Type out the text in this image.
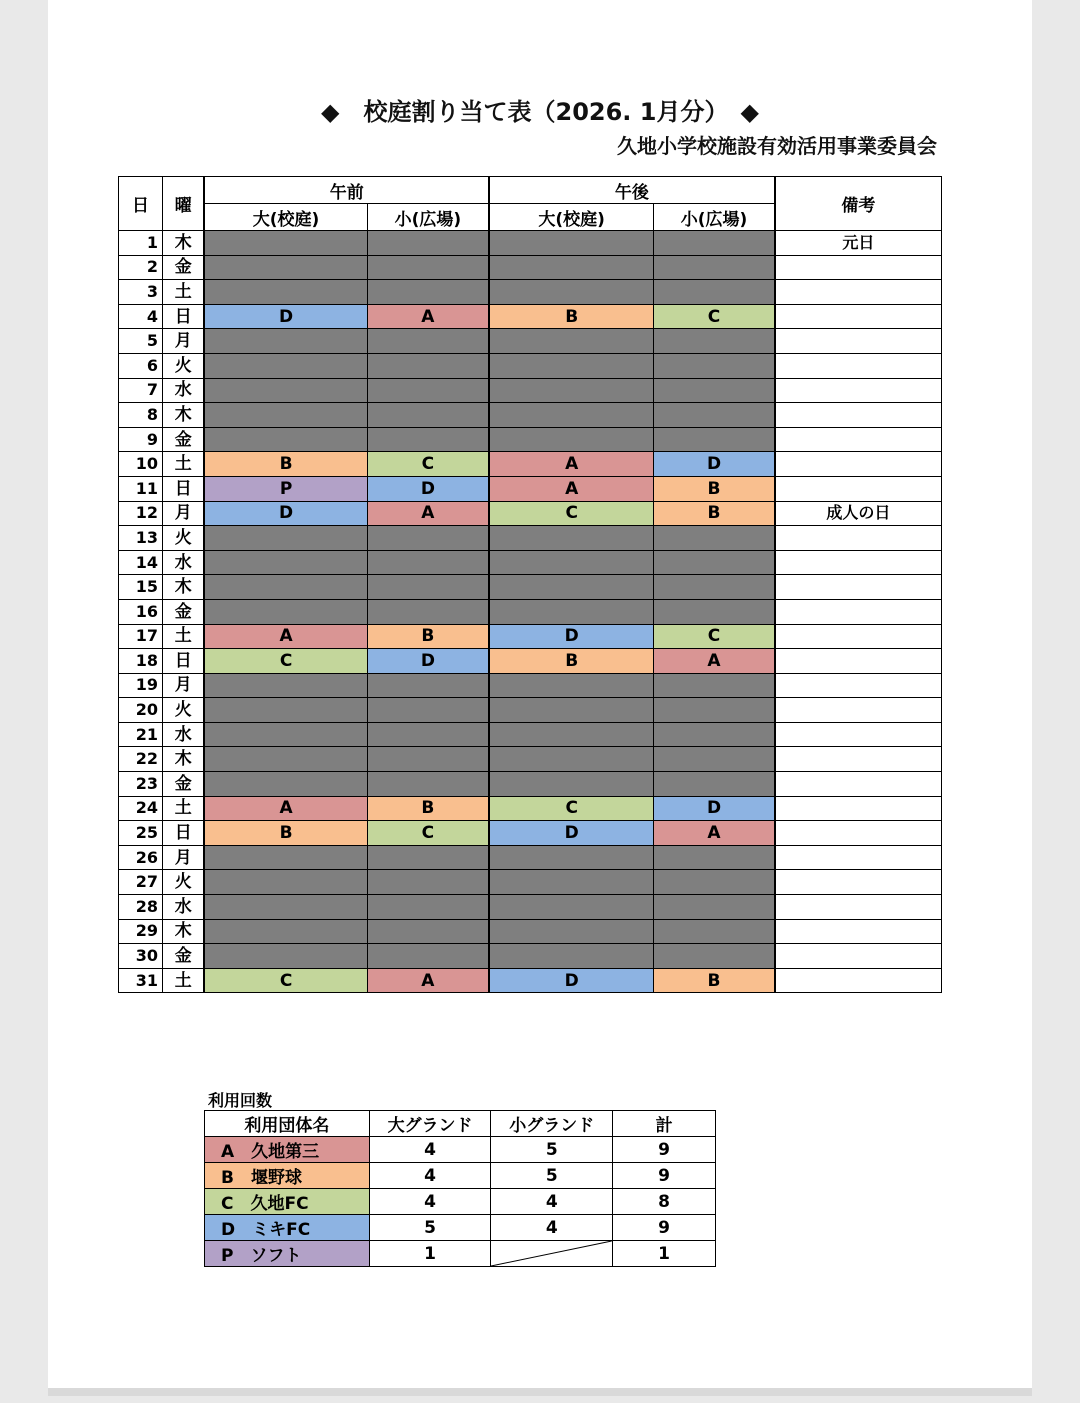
◆　校庭割り当て表（2026. 1月分）　◆
久地小学校施設有効活用事業委員会
日	曜	午前		午後		備考
		大(校庭)	小(広場)	大(校庭)	小(広場)	
1	木					元日
2	金					
3	土					
4	日	D	A	B	C	
5	月					
6	火					
7	水					
8	木					
9	金					
10	土	B	C	A	D	
11	日	P	D	A	B	
12	月	D	A	C	B	成人の日
13	火					
14	水					
15	木					
16	金					
17	土	A	B	D	C	
18	日	C	D	B	A	
19	月					
20	火					
21	水					
22	木					
23	金					
24	土	A	B	C	D	
25	日	B	C	D	A	
26	月					
27	火					
28	水					
29	木					
30	金					
31	土	C	A	D	B	
利用回数
利用団体名	大グランド	小グランド	計
A　久地第三	4	5	9
B　堰野球	4	5	9
C　久地FC	4	4	8
D　ミキFC	5	4	9
P　ソフト	1		1
